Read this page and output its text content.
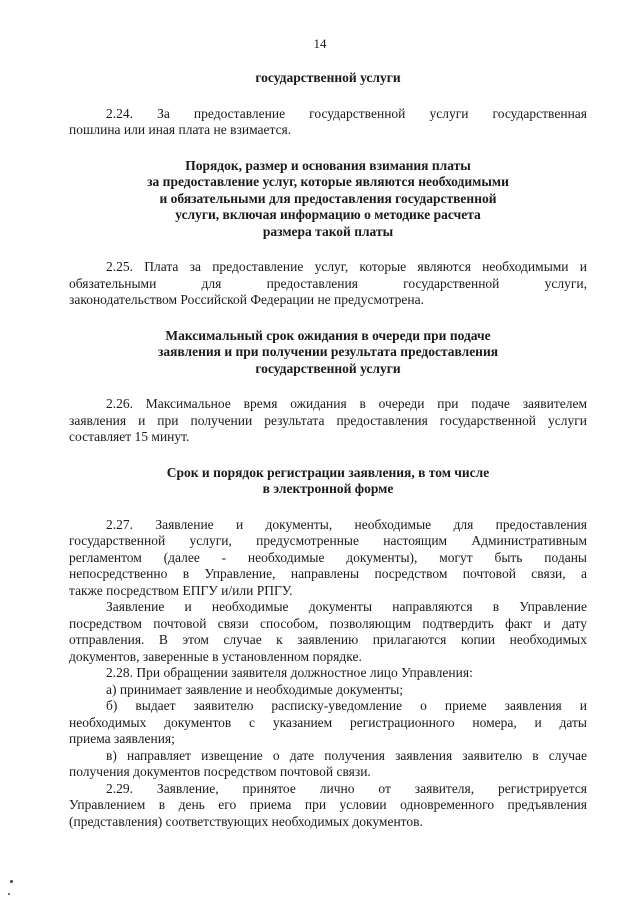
14

государственной услуги

2.24. За предоставление государственной услуги государственная
пошлина или иная плата не взимается.
Порядок, размер и основания взимания платы
за предоставление услуг, которые являются необходимыми
и обязательными для предоставления государственной
услуги, включая информацию о методике расчета
размера такой платы
2.25. Плата за предоставление услуг, которые являются необходимыми и
обязательными для предоставления государственной услуги,
законодательством Российской Федерации не предусмотрена.
Максимальный срок ожидания в очереди при подаче
заявления и при получении результата предоставления
государственной услуги
2.26. Максимальное время ожидания в очереди при подаче заявителем
заявления и при получении результата предоставления государственной услуги
составляет 15 минут.
Срок и порядок регистрации заявления, в том числе
в электронной форме
2.27. Заявление и документы, необходимые для предоставления
государственной услуги, предусмотренные настоящим Административным
регламентом (далее - необходимые документы), могут быть поданы
непосредственно в Управление, направлены посредством почтовой связи, а
также посредством ЕПГУ и/или РПГУ.
Заявление и необходимые документы направляются в Управление
посредством почтовой связи способом, позволяющим подтвердить факт и дату
отправления. В этом случае к заявлению прилагаются копии необходимых
документов, заверенные в установленном порядке.
2.28. При обращении заявителя должностное лицо Управления:
а) принимает заявление и необходимые документы;
б) выдает заявителю расписку-уведомление о приеме заявления и
необходимых документов с указанием регистрационного номера, и даты
приема заявления;
в) направляет извещение о дате получения заявления заявителю в случае
получения документов посредством почтовой связи.
2.29. Заявление, принятое лично от заявителя, регистрируется
Управлением в день его приема при условии одновременного предъявления
(представления) соответствующих необходимых документов.
